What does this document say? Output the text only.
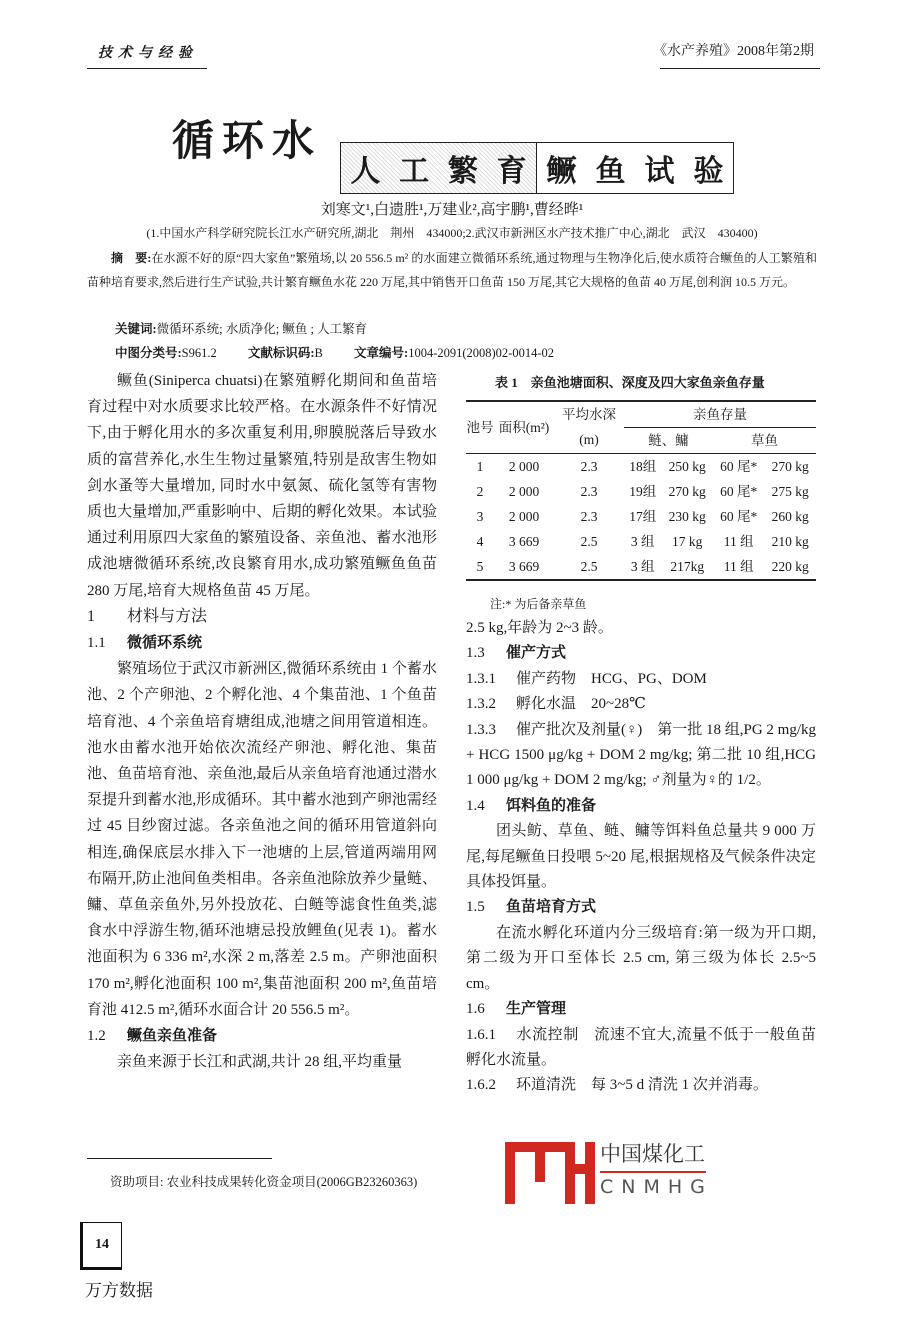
技术与经验	《水产养殖》2008年第2期
循环水
人 工 繁 育 鳜 鱼 试 验
刘寒文¹,白遗胜¹,万建业²,高宇鹏¹,曹经晔¹
(1.中国水产科学研究院长江水产研究所,湖北　荆州　434000;2.武汉市新洲区水产技术推广中心,湖北　武汉　430400)
摘　要:在水源不好的原“四大家鱼”繁殖场,以 20 556.5 m² 的水面建立微循环系统,通过物理与生物净化后,使水质符合鳜鱼的人工繁殖和苗种培育要求,然后进行生产试验,共计繁育鳜鱼水花 220 万尾,其中销售开口鱼苗 150 万尾,其它大规格的鱼苗 40 万尾,创利润 10.5 万元。
关键词:微循环系统; 水质净化; 鳜鱼 ; 人工繁育
中图分类号:S961.2 文献标识码:B 文章编号:1004-2091(2008)02-0014-02

鳜鱼(Siniperca chuatsi)在繁殖孵化期间和鱼苗培育过程中对水质要求比较严格。在水源条件不好情况下,由于孵化用水的多次重复利用,卵膜脱落后导致水质的富营养化,水生生物过量繁殖,特别是敌害生物如剑水蚤等大量增加, 同时水中氨氮、硫化氢等有害物质也大量增加,严重影响中、后期的孵化效果。本试验通过利用原四大家鱼的繁殖设备、亲鱼池、蓄水池形成池塘微循环系统,改良繁育用水,成功繁殖鳜鱼鱼苗 280 万尾,培育大规格鱼苗 45 万尾。

1 材料与方法

1.1 微循环系统

繁殖场位于武汉市新洲区,微循环系统由 1 个蓄水池、2 个产卵池、2 个孵化池、4 个集苗池、1 个鱼苗培育池、4 个亲鱼培育塘组成,池塘之间用管道相连。池水由蓄水池开始依次流经产卵池、孵化池、集苗池、鱼苗培育池、亲鱼池,最后从亲鱼培育池通过潜水泵提升到蓄水池,形成循环。其中蓄水池到产卵池需经过 45 目纱窗过滤。各亲鱼池之间的循环用管道斜向相连,确保底层水排入下一池塘的上层,管道两端用网布隔开,防止池间鱼类相串。各亲鱼池除放养少量鲢、鳙、草鱼亲鱼外,另外投放花、白鲢等滤食性鱼类,滤食水中浮游生物,循环池塘忌投放鲤鱼(见表 1)。蓄水池面积为 6 336 m²,水深 2 m,落差 2.5 m。产卵池面积 170 m²,孵化池面积 100 m²,集苗池面积 200 m²,鱼苗培育池 412.5 m²,循环水面合计 20 556.5 m²。

1.2 鳜鱼亲鱼准备

亲鱼来源于长江和武湖,共计 28 组,平均重量

表 1　亲鱼池塘面积、深度及四大家鱼亲鱼存量
池号	面积(m²)	平均水深	亲鱼存量			
		(m)	鲢、鳙		草鱼	
1	2 000	2.3	18组	250 kg	60 尾*	270 kg
2	2 000	2.3	19组	270 kg	60 尾*	275 kg
3	2 000	2.3	17组	230 kg	60 尾*	260 kg
4	3 669	2.5	3 组	17 kg	11 组	210 kg
5	3 669	2.5	3 组	217kg	11 组	220 kg
注:* 为后备亲草鱼

2.5 kg,年龄为 2~3 龄。

1.3 催产方式

1.3.1 催产药物　HCG、PG、DOM

1.3.2 孵化水温　20~28℃

1.3.3 催产批次及剂量(♀)　第一批 18 组,PG 2 mg/kg + HCG 1500 μg/kg + DOM 2 mg/kg; 第二批 10 组,HCG 1 000 μg/kg + DOM 2 mg/kg; ♂剂量为♀的 1/2。

1.4 饵料鱼的准备

团头鲂、草鱼、鲢、鳙等饵料鱼总量共 9 000 万尾,每尾鳜鱼日投喂 5~20 尾,根据规格及气候条件决定具体投饵量。

1.5 鱼苗培育方式

在流水孵化环道内分三级培育:第一级为开口期, 第二级为开口至体长 2.5 cm, 第三级为体长 2.5~5 cm。

1.6 生产管理

1.6.1 水流控制　流速不宜大,流量不低于一般鱼苗孵化水流量。

1.6.2 环道清洗　每 3~5 d 清洗 1 次并消毒。

中国煤化工
CNMHG
资助项目: 农业科技成果转化资金项目(2006GB23260363)
14
万方数据
